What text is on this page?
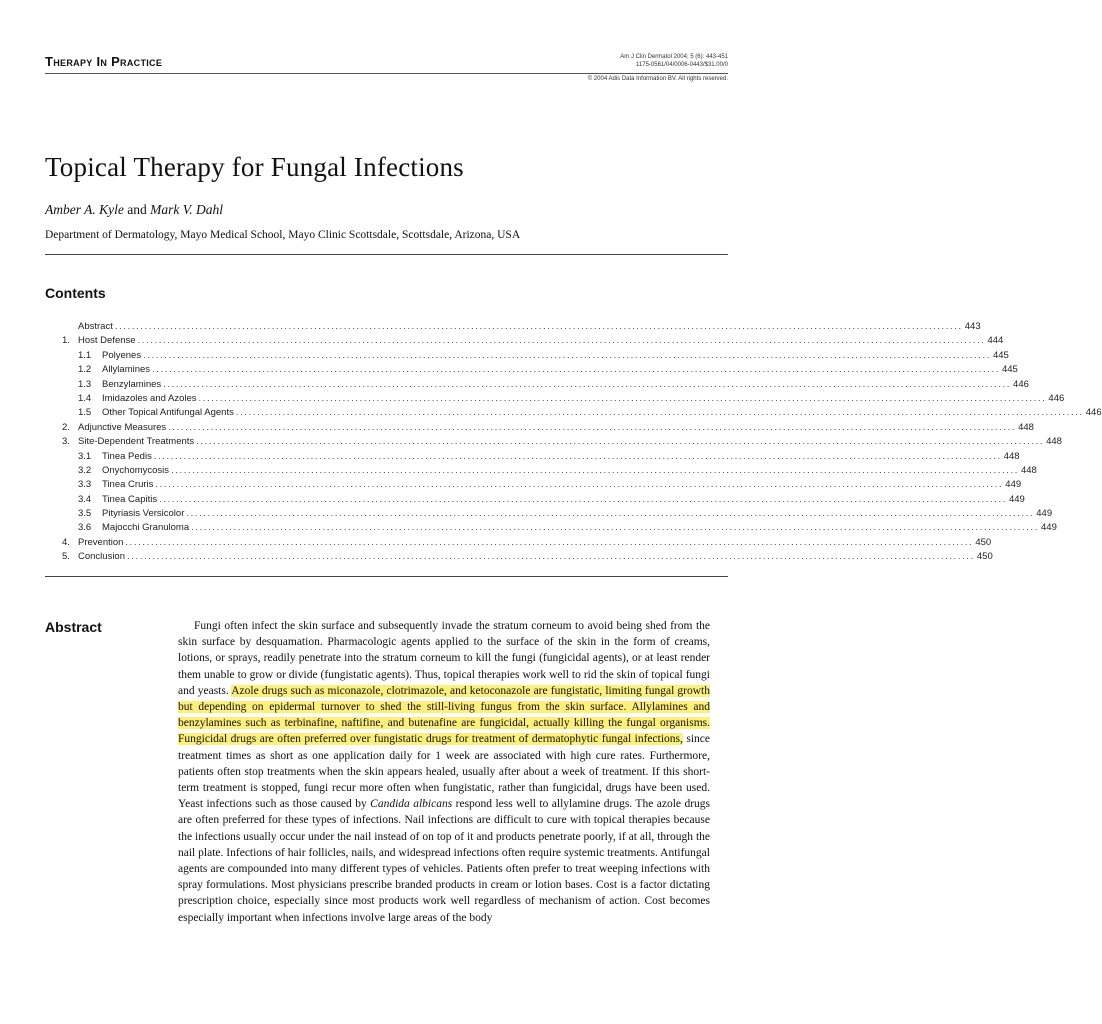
Therapy In Practice	Am J Clin Dermatol 2004; 5 (6): 443-451
1175-0561/04/0006-0443/$31.00/0
© 2004 Adis Data Information BV. All rights reserved.
Topical Therapy for Fungal Infections
Amber A. Kyle and Mark V. Dahl
Department of Dermatology, Mayo Medical School, Mayo Clinic Scottsdale, Scottsdale, Arizona, USA
Contents
Abstract ........................................................................................................................................................................................................ 443
1. Host Defense ........................................................................................................................................................................................................ 444
1.1	Polyenes ........................................................................................................................................................................................................ 445
1.2	Allylamines ........................................................................................................................................................................................................ 445
1.3	Benzylamines ........................................................................................................................................................................................................ 446
1.4	Imidazoles and Azoles ........................................................................................................................................................................................................ 446
1.5	Other Topical Antifungal Agents ........................................................................................................................................................................................................ 446
2. Adjunctive Measures ........................................................................................................................................................................................................ 448
3. Site-Dependent Treatments ........................................................................................................................................................................................................ 448
3.1	Tinea Pedis ........................................................................................................................................................................................................ 448
3.2	Onychomycosis ........................................................................................................................................................................................................ 448
3.3	Tinea Cruris ........................................................................................................................................................................................................ 449
3.4	Tinea Capitis ........................................................................................................................................................................................................ 449
3.5	Pityriasis Versicolor ........................................................................................................................................................................................................ 449
3.6	Majocchi Granuloma ........................................................................................................................................................................................................ 449
4. Prevention ........................................................................................................................................................................................................ 450
5. Conclusion ........................................................................................................................................................................................................ 450
Abstract	Fungi often infect the skin surface and subsequently invade the stratum corneum to avoid being shed from the skin surface by desquamation. Pharmacologic agents applied to the surface of the skin in the form of creams, lotions, or sprays, readily penetrate into the stratum corneum to kill the fungi (fungicidal agents), or at least render them unable to grow or divide (fungistatic agents). Thus, topical therapies work well to rid the skin of topical fungi and yeasts. Azole drugs such as miconazole, clotrimazole, and ketoconazole are fungistatic, limiting fungal growth but depending on epidermal turnover to shed the still-living fungus from the skin surface. Allylamines and benzylamines such as terbinafine, naftifine, and butenafine are fungicidal, actually killing the fungal organisms. Fungicidal drugs are often preferred over fungistatic drugs for treatment of dermatophytic fungal infections, since treatment times as short as one application daily for 1 week are associated with high cure rates. Furthermore, patients often stop treatments when the skin appears healed, usually after about a week of treatment. If this short-term treatment is stopped, fungi recur more often when fungistatic, rather than fungicidal, drugs have been used. Yeast infections such as those caused by Candida albicans respond less well to allylamine drugs. The azole drugs are often preferred for these types of infections. Nail infections are difficult to cure with topical therapies because the infections usually occur under the nail instead of on top of it and products penetrate poorly, if at all, through the nail plate. Infections of hair follicles, nails, and widespread infections often require systemic treatments. Antifungal agents are compounded into many different types of vehicles. Patients often prefer to treat weeping infections with spray formulations. Most physicians prescribe branded products in cream or lotion bases. Cost is a factor dictating prescription choice, especially since most products work well regardless of mechanism of action. Cost becomes especially important when infections involve large areas of the body
